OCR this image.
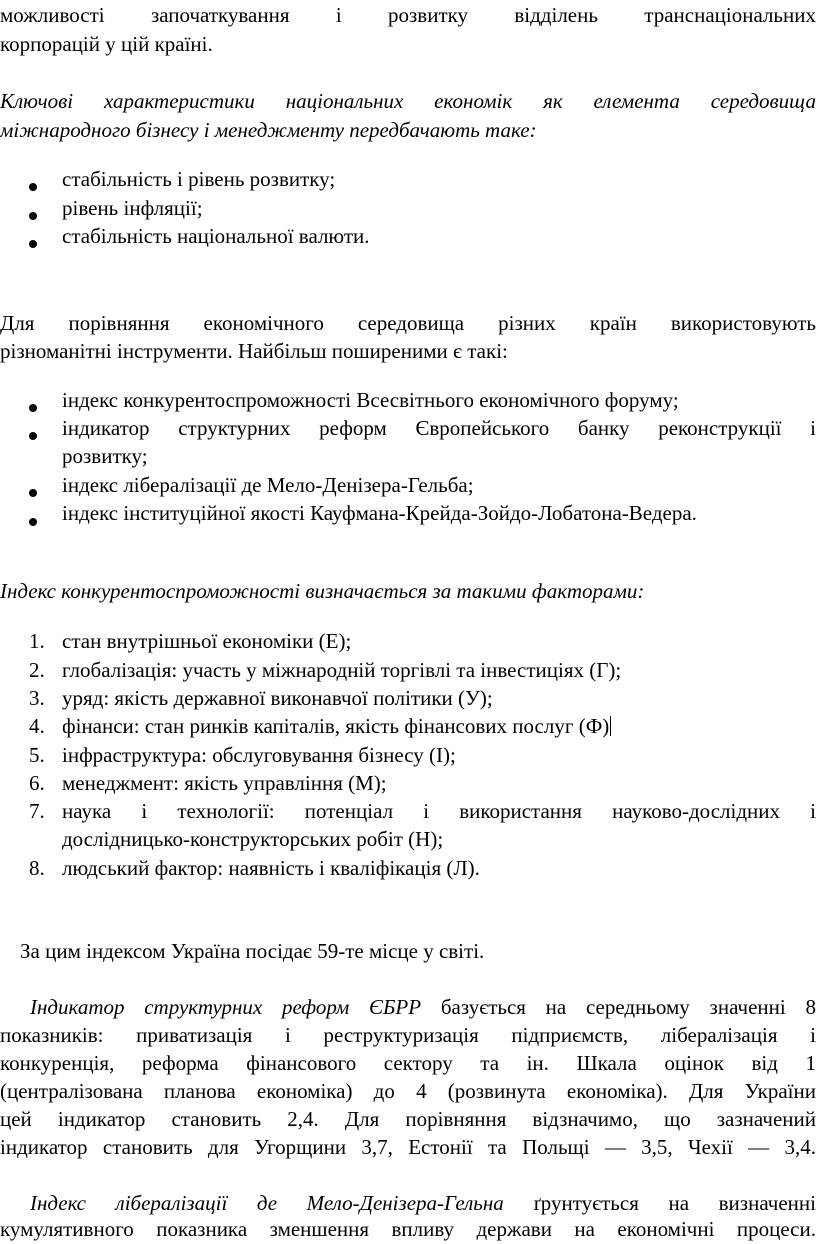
можливості започаткування і розвитку відділень транснаціональних
корпорацій у цій країні.
Ключові характеристики національних економік як елемента середовища
міжнародного бізнесу і менеджменту передбачають таке:
стабільність і рівень розвитку;
рівень інфляції;
стабільність національної валюти.
Для порівняння економічного середовища різних країн використовують
різноманітні інструменти. Найбільш поширеними є такі:
індекс конкурентоспроможності Всесвітнього економічного форуму;
індикатор структурних реформ Європейського банку реконструкції і
розвитку;
індекс лібералізації де Мело-Денізера-Гельба;
індекс інституційної якості Кауфмана-Крейда-Зойдо-Лобатона-Ведера.
Індекс конкурентоспроможності визначається за такими факторами:
1. стан внутрішньої економіки (Е);
2. глобалізація: участь у міжнародній торгівлі та інвестиціях (Г);
3. уряд: якість державної виконавчої політики (У);
4. фінанси: стан ринків капіталів, якість фінансових послуг (Ф)
5. інфраструктура: обслуговування бізнесу (І);
6. менеджмент: якість управління (М);
7. наука і технології: потенціал і використання науково-дослідних і
дослідницько-конструкторських робіт (Н);
8. людський фактор: наявність і кваліфікація (Л).
За цим індексом Україна посідає 59-те місце у світі.
Індикатор структурних реформ ЄБРР базується на середньому значенні 8
показників: приватизація і реструктуризація підприємств, лібералізація і
конкуренція, реформа фінансового сектору та ін. Шкала оцінок від 1
(централізована планова економіка) до 4 (розвинута економіка). Для України
цей індикатор становить 2,4. Для порівняння відзначимо, що зазначений
індикатор становить для Угорщини 3,7, Естонії та Польщі — 3,5, Чехії — 3,4.
Індекс лібералізації де Мело-Денізера-Гельна ґрунтується на визначенні
кумулятивного показника зменшення впливу держави на економічні процеси.
